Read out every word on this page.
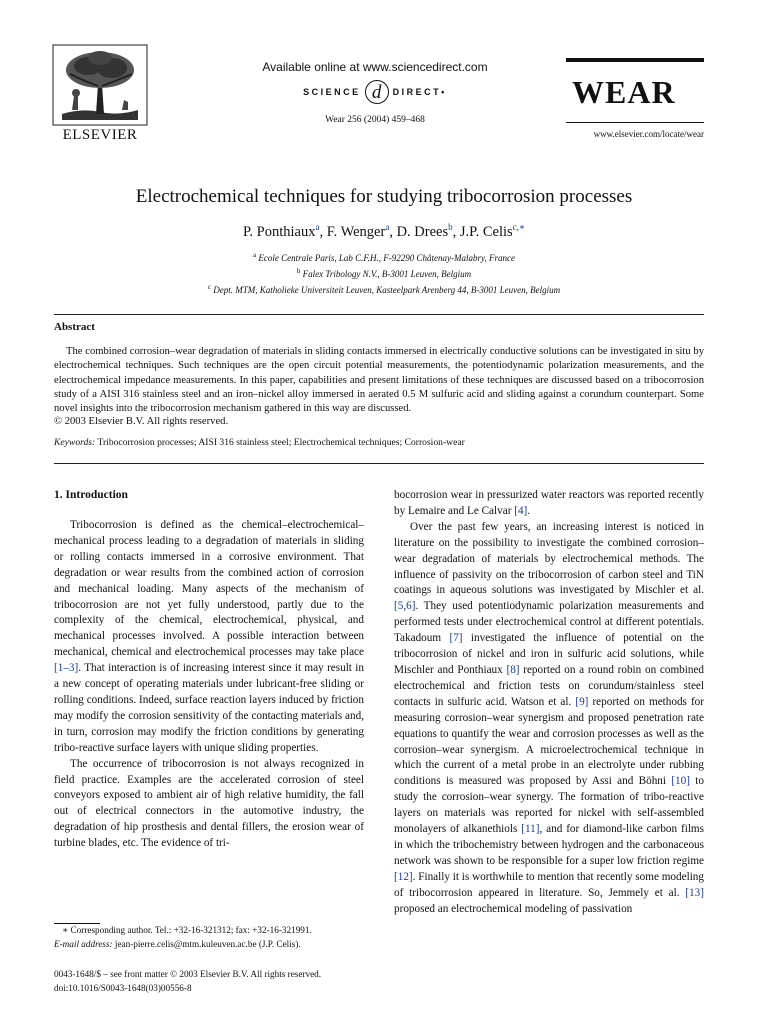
ELSEVIER
Available online at www.sciencedirect.com
SCIENCE d	DIRECT •
Wear 256 (2004) 459–468
WEAR
www.elsevier.com/locate/wear
Electrochemical techniques for studying tribocorrosion processes
P. Ponthiaux$^a$, F. Wenger$^a$, D. Drees$^b$, J.P. Celis$^{c,∗}$
$^a$ Ecole Centrale Paris, Lab C.F.H., F-92290 Châtenay-Malabry, France
$^b$ Falex Tribology N.V., B-3001 Leuven, Belgium
$^c$ Dept. MTM, Katholieke Universiteit Leuven, Kasteelpark Arenberg 44, B-3001 Leuven, Belgium
Abstract
The combined corrosion–wear degradation of materials in sliding contacts immersed in electrically conductive solutions can be investigated in situ by electrochemical techniques. Such techniques are the open circuit potential measurements, the potentiodynamic polarization measurements, and the electrochemical impedance measurements. In this paper, capabilities and present limitations of these techniques are discussed based on a tribocorrosion study of a AISI 316 stainless steel and an iron–nickel alloy immersed in aerated 0.5 M sulfuric acid and sliding against a corundum counterpart. Some novel insights into the tribocorrosion mechanism gathered in this way are discussed.
© 2003 Elsevier B.V. All rights reserved.
Keywords: Tribocorrosion processes; AISI 316 stainless steel; Electrochemical techniques; Corrosion-wear
1. Introduction

Tribocorrosion is defined as the chemical–electrochemical–mechanical process leading to a degradation of materials in sliding or rolling contacts immersed in a corrosive environment. That degradation or wear results from the combined action of corrosion and mechanical loading. Many aspects of the mechanism of tribocorrosion are not yet fully understood, partly due to the complexity of the chemical, electrochemical, physical, and mechanical processes involved. A possible interaction between mechanical, chemical and electrochemical processes may take place [1–3]. That interaction is of increasing interest since it may result in a new concept of operating materials under lubricant-free sliding or rolling conditions. Indeed, surface reaction layers induced by friction may modify the corrosion sensitivity of the contacting materials and, in turn, corrosion may modify the friction conditions by generating tribo-reactive surface layers with unique sliding properties.

The occurrence of tribocorrosion is not always recognized in field practice. Examples are the accelerated corrosion of steel conveyors exposed to ambient air of high relative humidity, the fall out of electrical connectors in the automotive industry, the degradation of hip prosthesis and dental fillers, the erosion wear of turbine blades, etc. The evidence of tri-

bocorrosion wear in pressurized water reactors was reported recently by Lemaire and Le Calvar [4].

Over the past few years, an increasing interest is noticed in literature on the possibility to investigate the combined corrosion–wear degradation of materials by electrochemical methods. The influence of passivity on the tribocorrosion of carbon steel and TiN coatings in aqueous solutions was investigated by Mischler et al. [5,6]. They used potentiodynamic polarization measurements and performed tests under electrochemical control at different potentials. Takadoum [7] investigated the influence of potential on the tribocorrosion of nickel and iron in sulfuric acid solutions, while Mischler and Ponthiaux [8] reported on a round robin on combined electrochemical and friction tests on corundum/stainless steel contacts in sulfuric acid. Watson et al. [9] reported on methods for measuring corrosion–wear synergism and proposed penetration rate equations to quantify the wear and corrosion processes as well as the corrosion–wear synergism. A microelectrochemical technique in which the current of a metal probe in an electrolyte under rubbing conditions is measured was proposed by Assi and Böhni [10] to study the corrosion–wear synergy. The formation of tribo-reactive layers on materials was reported for nickel with self-assembled monolayers of alkanethiols [11], and for diamond-like carbon films in which the tribochemistry between hydrogen and the carbonaceous network was shown to be responsible for a super low friction regime [12]. Finally it is worthwhile to mention that recently some modeling of tribocorrosion appeared in literature. So, Jemmely et al. [13] proposed an electrochemical modeling of passivation

∗ Corresponding author. Tel.: +32-16-321312; fax: +32-16-321991.
E-mail address: jean-pierre.celis@mtm.kuleuven.ac.be (J.P. Celis).
0043-1648/$ – see front matter © 2003 Elsevier B.V. All rights reserved.
doi:10.1016/S0043-1648(03)00556-8
